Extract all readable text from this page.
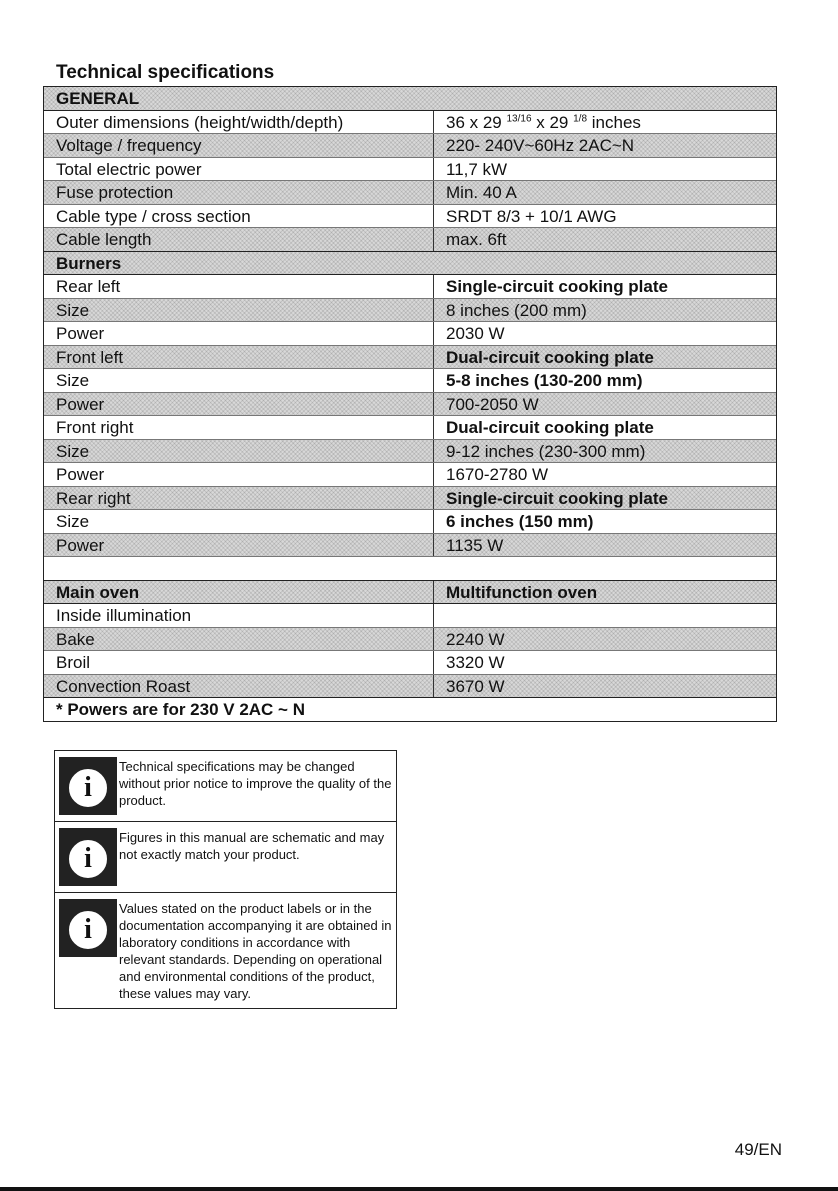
Technical specifications
GENERAL
Outer dimensions (height/width/depth)	36 x 29 $^{13/16}$ x 29 $^{1/8}$ inches
Voltage / frequency	220- 240V~60Hz 2AC~N
Total electric power	11,7 kW
Fuse protection	Min. 40 A
Cable type / cross section	SRDT 8/3 + 10/1 AWG
Cable length	max. 6ft
Burners
Rear left	Single-circuit cooking plate
Size	8 inches (200 mm)
Power	2030 W
Front left	Dual-circuit cooking plate
Size	5-8 inches (130-200 mm)
Power	700-2050 W
Front right	Dual-circuit cooking plate
Size	9-12 inches (230-300 mm)
Power	1670-2780 W
Rear right	Single-circuit cooking plate
Size	6 inches (150 mm)
Power	1135 W
Main oven	Multifunction oven
Inside illumination
Bake	2240 W
Broil	3320 W
Convection Roast	3670 W
* Powers are for 230 V 2AC ~ N
i
Technical specifications may be changed without prior notice to improve the quality of the product.
i
Figures in this manual are schematic and may not exactly match your product.
i
Values stated on the product labels or in the documentation accompanying it are obtained in laboratory conditions in accordance with relevant standards. Depending on operational and environmental conditions of the product, these values may vary.
49/EN
